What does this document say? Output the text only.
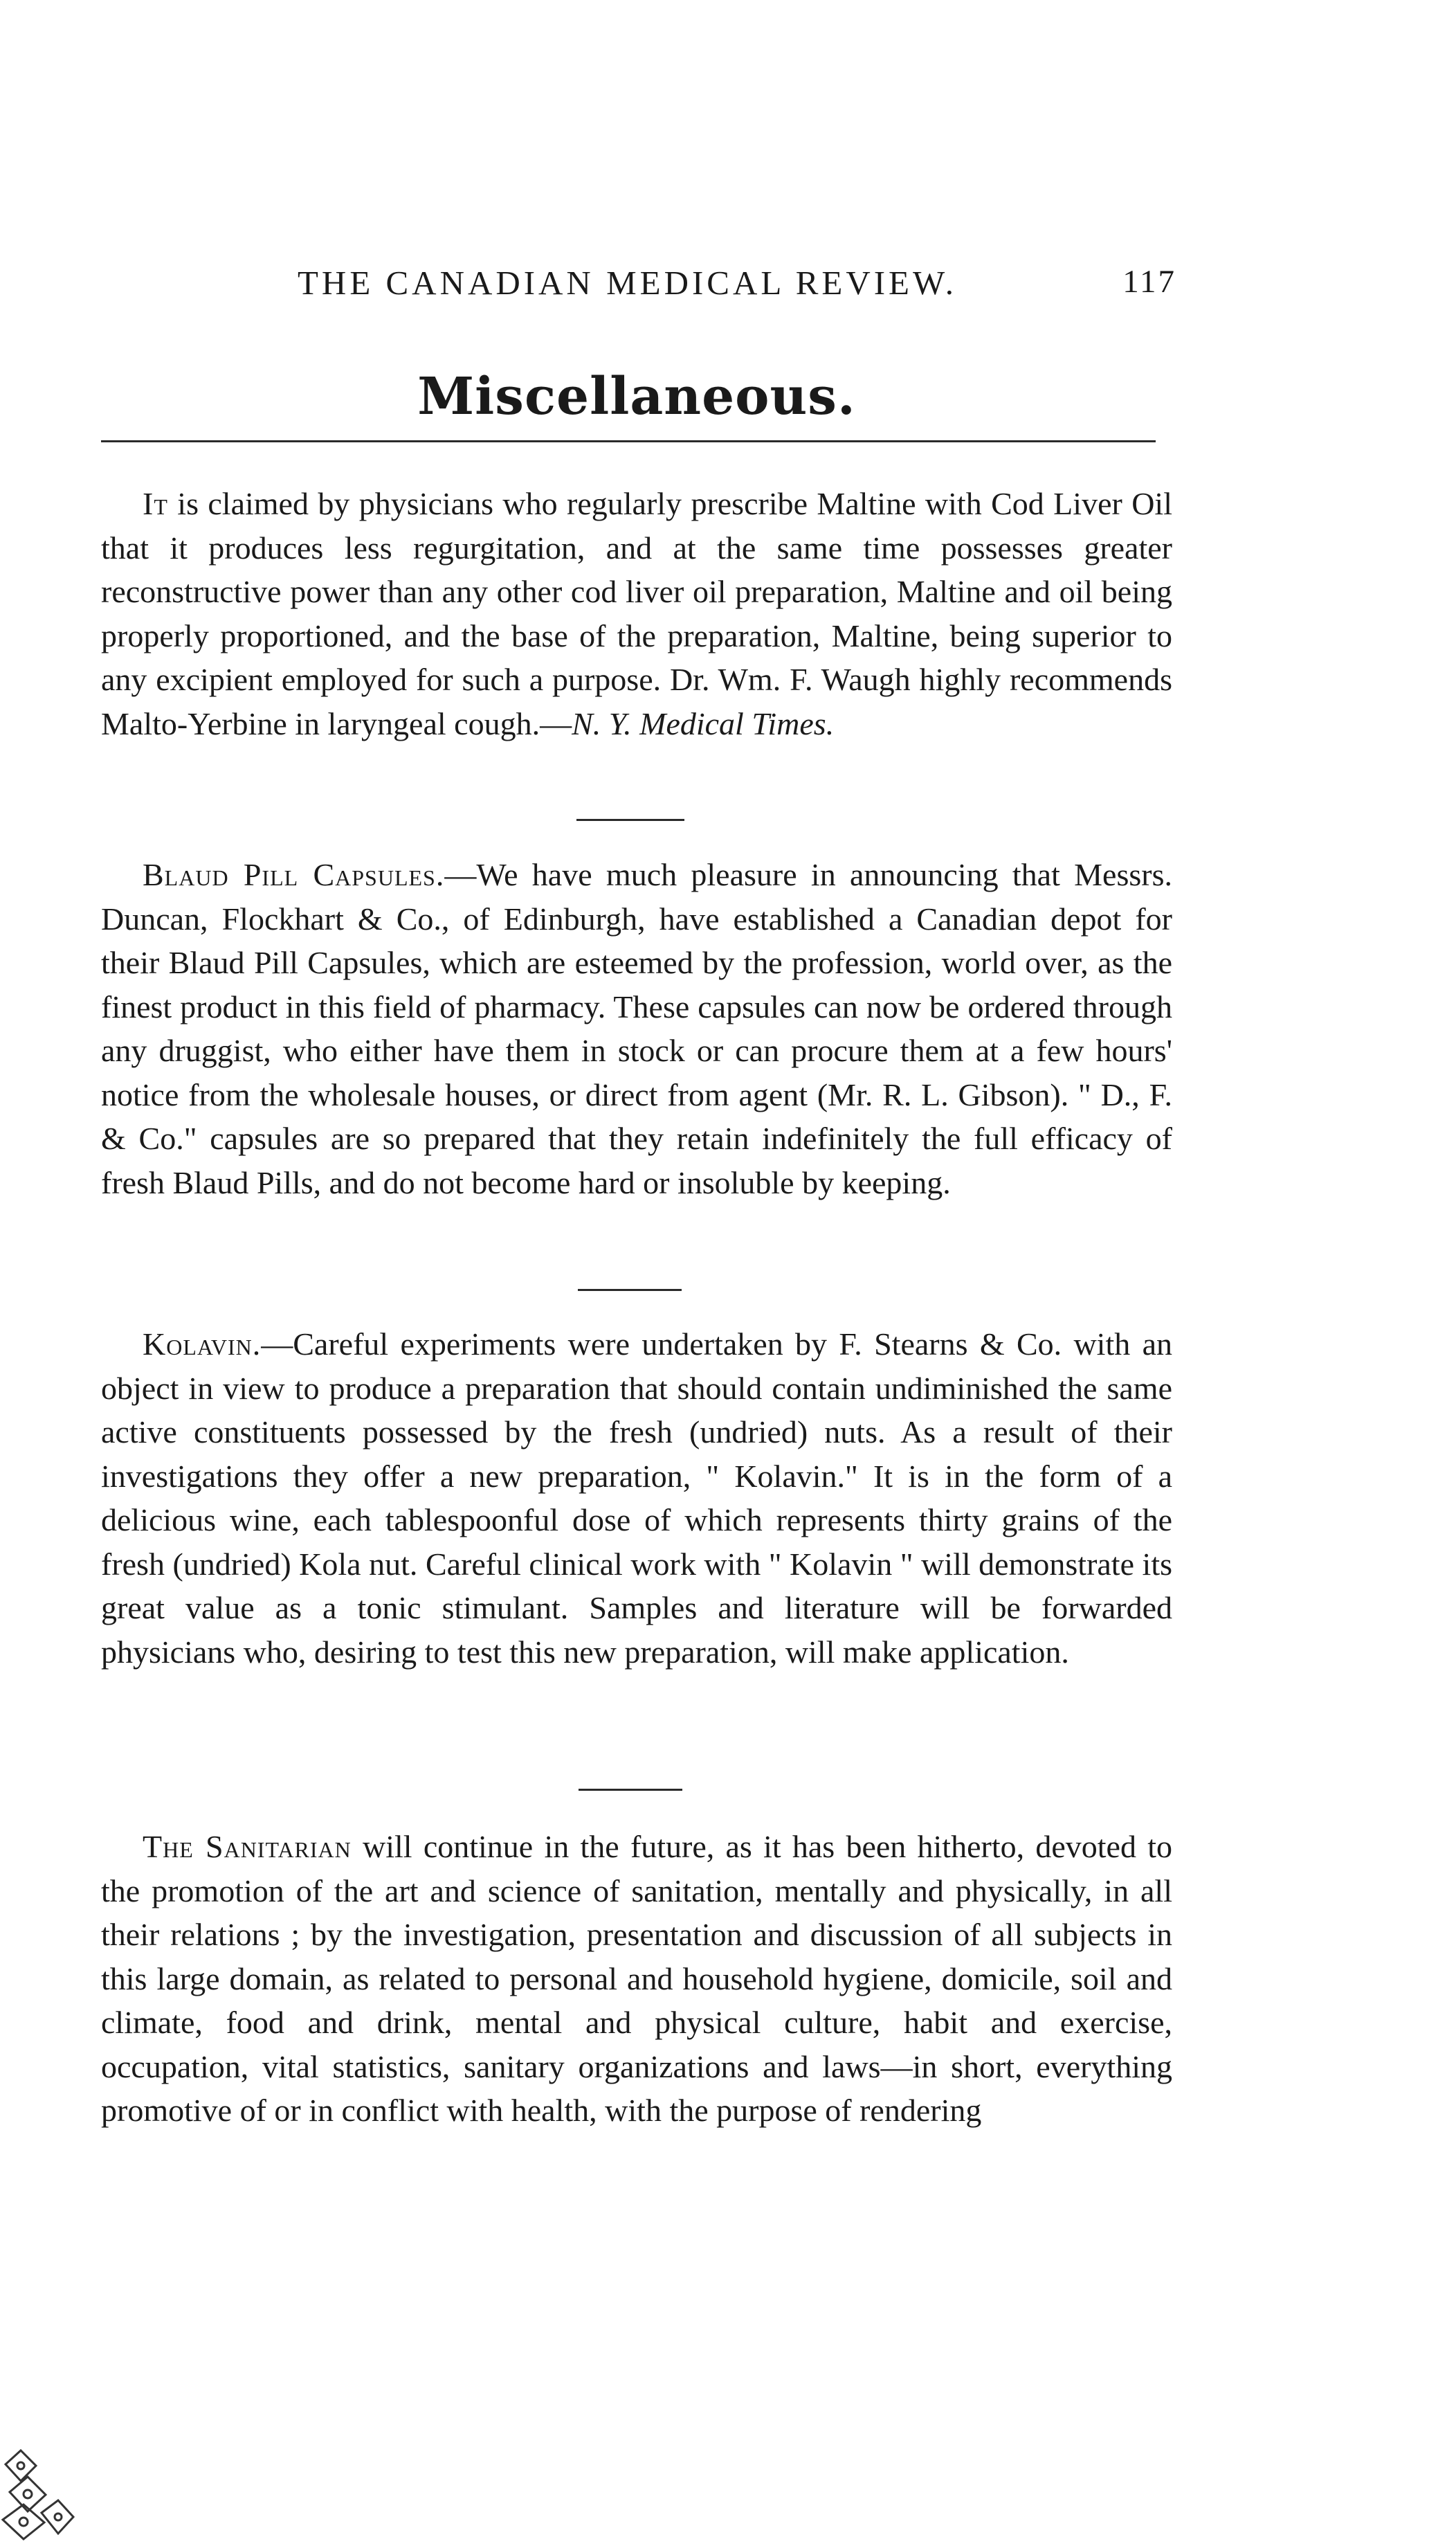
THE CANADIAN MEDICAL REVIEW.	117
Miscellaneous.

It is claimed by physicians who regularly prescribe Maltine with Cod Liver Oil that it produces less regurgitation, and at the same time possesses greater reconstructive power than any other cod liver oil preparation, Maltine and oil being properly proportioned, and the base of the preparation, Maltine, being superior to any excipient employed for such a purpose. Dr. Wm. F. Waugh highly recommends Malto-Yerbine in laryngeal cough.—N. Y. Medical Times.

Blaud Pill Capsules.—We have much pleasure in announcing that Messrs. Duncan, Flockhart & Co., of Edinburgh, have established a Canadian depot for their Blaud Pill Capsules, which are esteemed by the profession, world over, as the finest product in this field of pharmacy. These capsules can now be ordered through any druggist, who either have them in stock or can procure them at a few hours' notice from the wholesale houses, or direct from agent (Mr. R. L. Gibson). " D., F. & Co." capsules are so prepared that they retain indefinitely the full efficacy of fresh Blaud Pills, and do not become hard or insoluble by keeping.

Kolavin.—Careful experiments were undertaken by F. Stearns & Co. with an object in view to produce a preparation that should contain undiminished the same active constituents possessed by the fresh (undried) nuts. As a result of their investigations they offer a new preparation, " Kolavin." It is in the form of a delicious wine, each tablespoonful dose of which represents thirty grains of the fresh (undried) Kola nut. Careful clinical work with " Kolavin " will demonstrate its great value as a tonic stimulant. Samples and literature will be forwarded physicians who, desiring to test this new preparation, will make application.

The Sanitarian will continue in the future, as it has been hitherto, devoted to the promotion of the art and science of sanitation, mentally and physically, in all their relations ; by the investigation, presentation and discussion of all subjects in this large domain, as related to personal and household hygiene, domicile, soil and climate, food and drink, mental and physical culture, habit and exercise, occupation, vital statistics, sanitary organizations and laws—in short, everything promotive of or in conflict with health, with the purpose of rendering
